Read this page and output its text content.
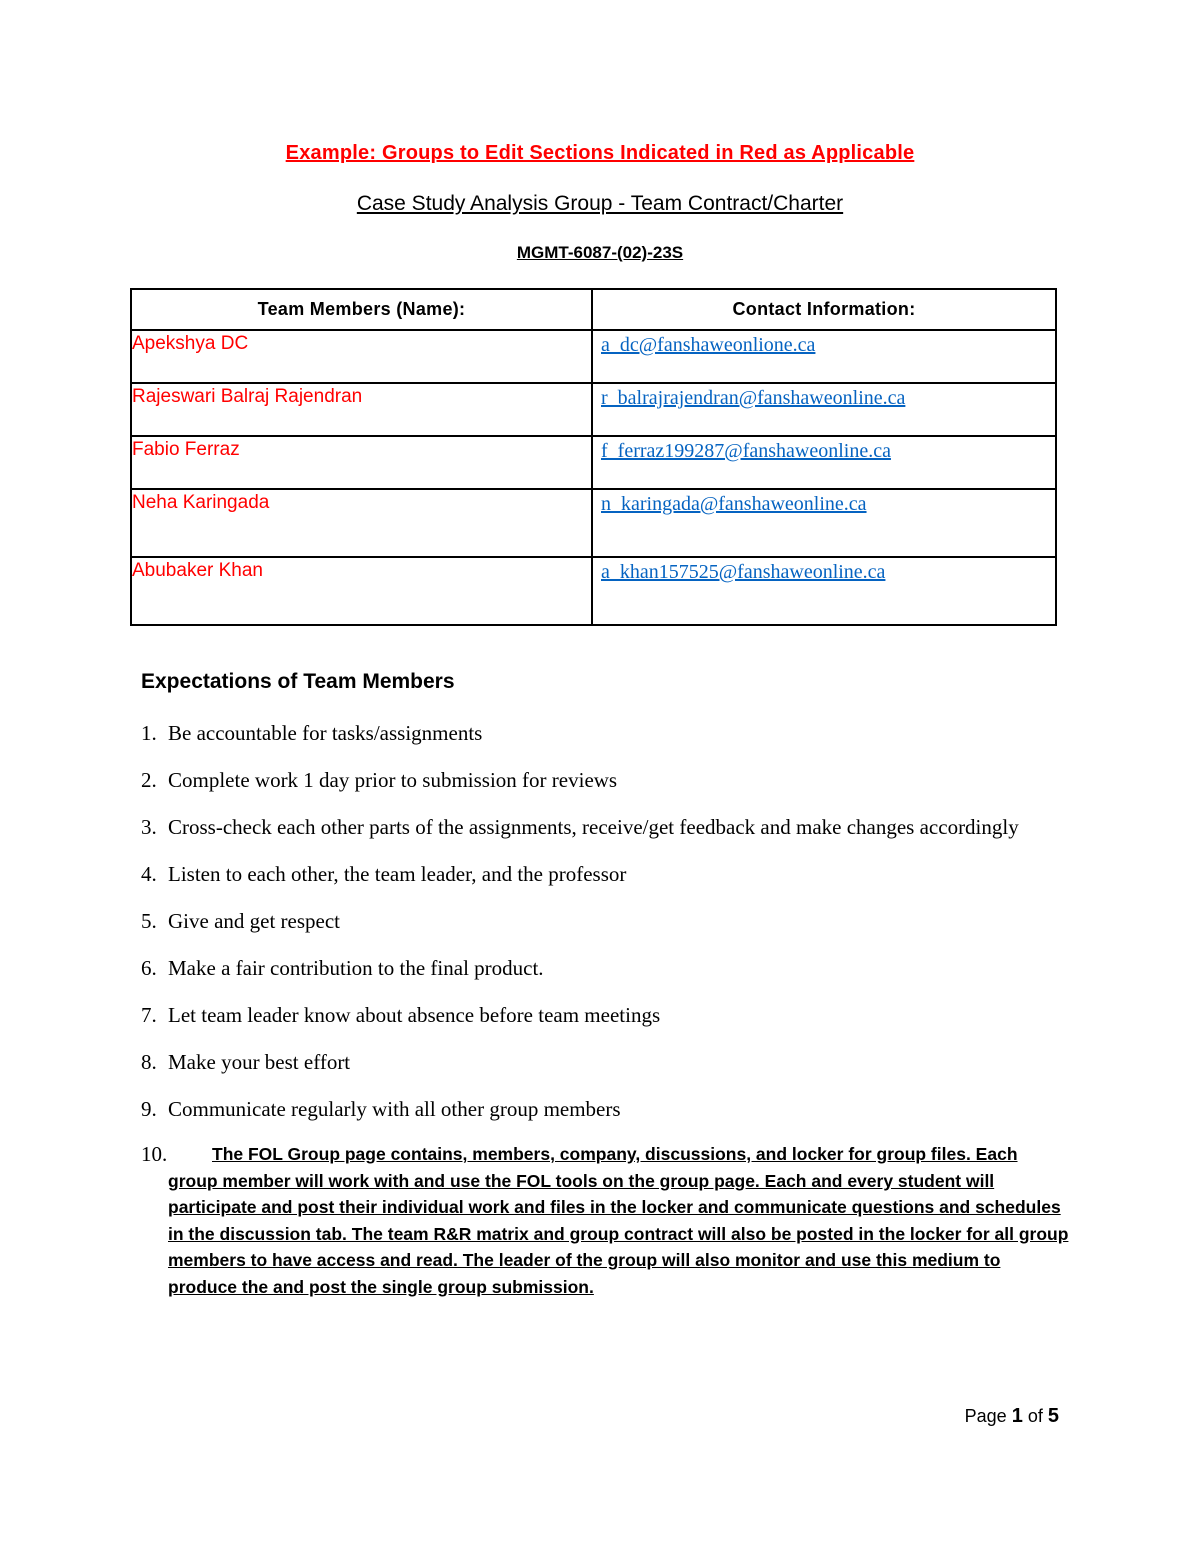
Example: Groups to Edit Sections Indicated in Red as Applicable
Case Study Analysis Group - Team Contract/Charter
MGMT-6087-(02)-23S
Team Members (Name):	Contact Information:
Apekshya DC	a_dc@fanshaweonlione.ca
Rajeswari Balraj Rajendran	r_balrajrajendran@fanshaweonline.ca
Fabio Ferraz	f_ferraz199287@fanshaweonline.ca
Neha Karingada	n_karingada@fanshaweonline.ca
Abubaker Khan	a_khan157525@fanshaweonline.ca
Expectations of Team Members
1. Be accountable for tasks/assignments
2. Complete work 1 day prior to submission for reviews
3. Cross-check each other parts of the assignments, receive/get feedback and make changes accordingly
4. Listen to each other, the team leader, and the professor
5. Give and get respect
6. Make a fair contribution to the final product.
7. Let team leader know about absence before team meetings
8. Make your best effort
9. Communicate regularly with all other group members
10.	The FOL Group page contains, members, company, discussions, and locker for group files. Each group member will work with and use the FOL tools on the group page. Each and every student will participate and post their individual work and files in the locker and communicate questions and schedules in the discussion tab. The team R&R matrix and group contract will also be posted in the locker for all group members to have access and read. The leader of the group will also monitor and use this medium to produce the and post the single group submission.
Page 1 of 5
